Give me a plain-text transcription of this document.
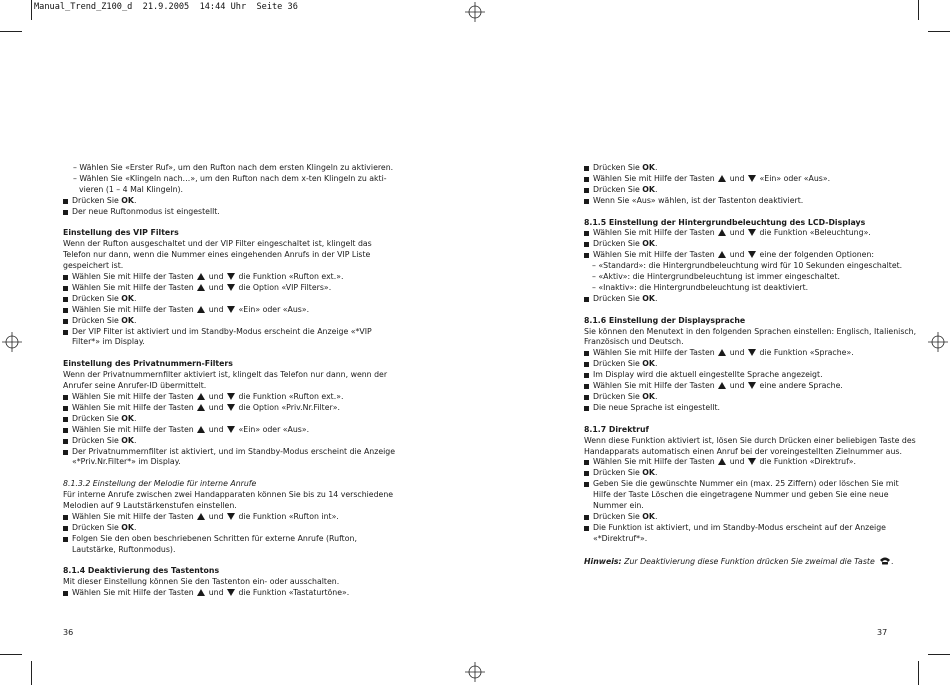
Manual_Trend_Z100_d  21.9.2005  14:44 Uhr  Seite 36

– Wählen Sie «Erster Ruf», um den Rufton nach dem ersten Klingeln zu aktivieren.

– Wählen Sie «Klingeln nach…», um den Rufton nach dem x-ten Klingeln zu akti-

vieren (1 – 4 Mal Klingeln).

Drücken Sie OK.

Der neue Ruftonmodus ist eingestellt.

Einstellung des VIP Filters

Wenn der Rufton ausgeschaltet und der VIP Filter eingeschaltet ist, klingelt das

Telefon nur dann, wenn die Nummer eines eingehenden Anrufs in der VIP Liste

gespeichert ist.

Wählen Sie mit Hilfe der Tasten  und  die Funktion «Rufton ext.».

Wählen Sie mit Hilfe der Tasten  und  die Option «VIP Filters».

Drücken Sie OK.

Wählen Sie mit Hilfe der Tasten  und  «Ein» oder «Aus».

Drücken Sie OK.

Der VIP Filter ist aktiviert und im Standby-Modus erscheint die Anzeige «*VIP

Filter*» im Display.

Einstellung des Privatnummern-Filters

Wenn der Privatnummernfilter aktiviert ist, klingelt das Telefon nur dann, wenn der

Anrufer seine Anrufer-ID übermittelt.

Wählen Sie mit Hilfe der Tasten  und  die Funktion «Rufton ext.».

Wählen Sie mit Hilfe der Tasten  und  die Option «Priv.Nr.Filter».

Drücken Sie OK.

Wählen Sie mit Hilfe der Tasten  und  «Ein» oder «Aus».

Drücken Sie OK.

Der Privatnummernfilter ist aktiviert, und im Standby-Modus erscheint die Anzeige

«*Priv.Nr.Filter*» im Display.

8.1.3.2 Einstellung der Melodie für interne Anrufe

Für interne Anrufe zwischen zwei Handapparaten können Sie bis zu 14 verschiedene

Melodien auf 9 Lautstärkenstufen einstellen.

Wählen Sie mit Hilfe der Tasten  und  die Funktion «Rufton int».

Drücken Sie OK.

Folgen Sie den oben beschriebenen Schritten für externe Anrufe (Rufton,

Lautstärke, Ruftonmodus).

8.1.4 Deaktivierung des Tastentons

Mit dieser Einstellung können Sie den Tastenton ein- oder ausschalten.

Wählen Sie mit Hilfe der Tasten  und  die Funktion «Tastaturtöne».

Drücken Sie OK.

Wählen Sie mit Hilfe der Tasten  und  «Ein» oder «Aus».

Drücken Sie OK.

Wenn Sie «Aus» wählen, ist der Tastenton deaktiviert.

8.1.5 Einstellung der Hintergrundbeleuchtung des LCD-Displays

Wählen Sie mit Hilfe der Tasten  und  die Funktion «Beleuchtung».

Drücken Sie OK.

Wählen Sie mit Hilfe der Tasten  und  eine der folgenden Optionen:

– «Standard»: die Hintergrundbeleuchtung wird für 10 Sekunden eingeschaltet.

– «Aktiv»: die Hintergrundbeleuchtung ist immer eingeschaltet.

– «Inaktiv»: die Hintergrundbeleuchtung ist deaktiviert.

Drücken Sie OK.

8.1.6 Einstellung der Displaysprache

Sie können den Menutext in den folgenden Sprachen einstellen: Englisch, Italienisch,

Französisch und Deutsch.

Wählen Sie mit Hilfe der Tasten  und  die Funktion «Sprache».

Drücken Sie OK.

Im Display wird die aktuell eingestellte Sprache angezeigt.

Wählen Sie mit Hilfe der Tasten  und  eine andere Sprache.

Drücken Sie OK.

Die neue Sprache ist eingestellt.

8.1.7 Direktruf

Wenn diese Funktion aktiviert ist, lösen Sie durch Drücken einer beliebigen Taste des

Handapparats automatisch einen Anruf bei der voreingestellten Zielnummer aus.

Wählen Sie mit Hilfe der Tasten  und  die Funktion «Direktruf».

Drücken Sie OK.

Geben Sie die gewünschte Nummer ein (max. 25 Ziffern) oder löschen Sie mit

Hilfe der Taste Löschen die eingetragene Nummer und geben Sie eine neue

Nummer ein.

Drücken Sie OK.

Die Funktion ist aktiviert, und im Standby-Modus erscheint auf der Anzeige

«*Direktruf*».

Hinweis: Zur Deaktivierung diese Funktion drücken Sie zweimal die Taste .

36	37
